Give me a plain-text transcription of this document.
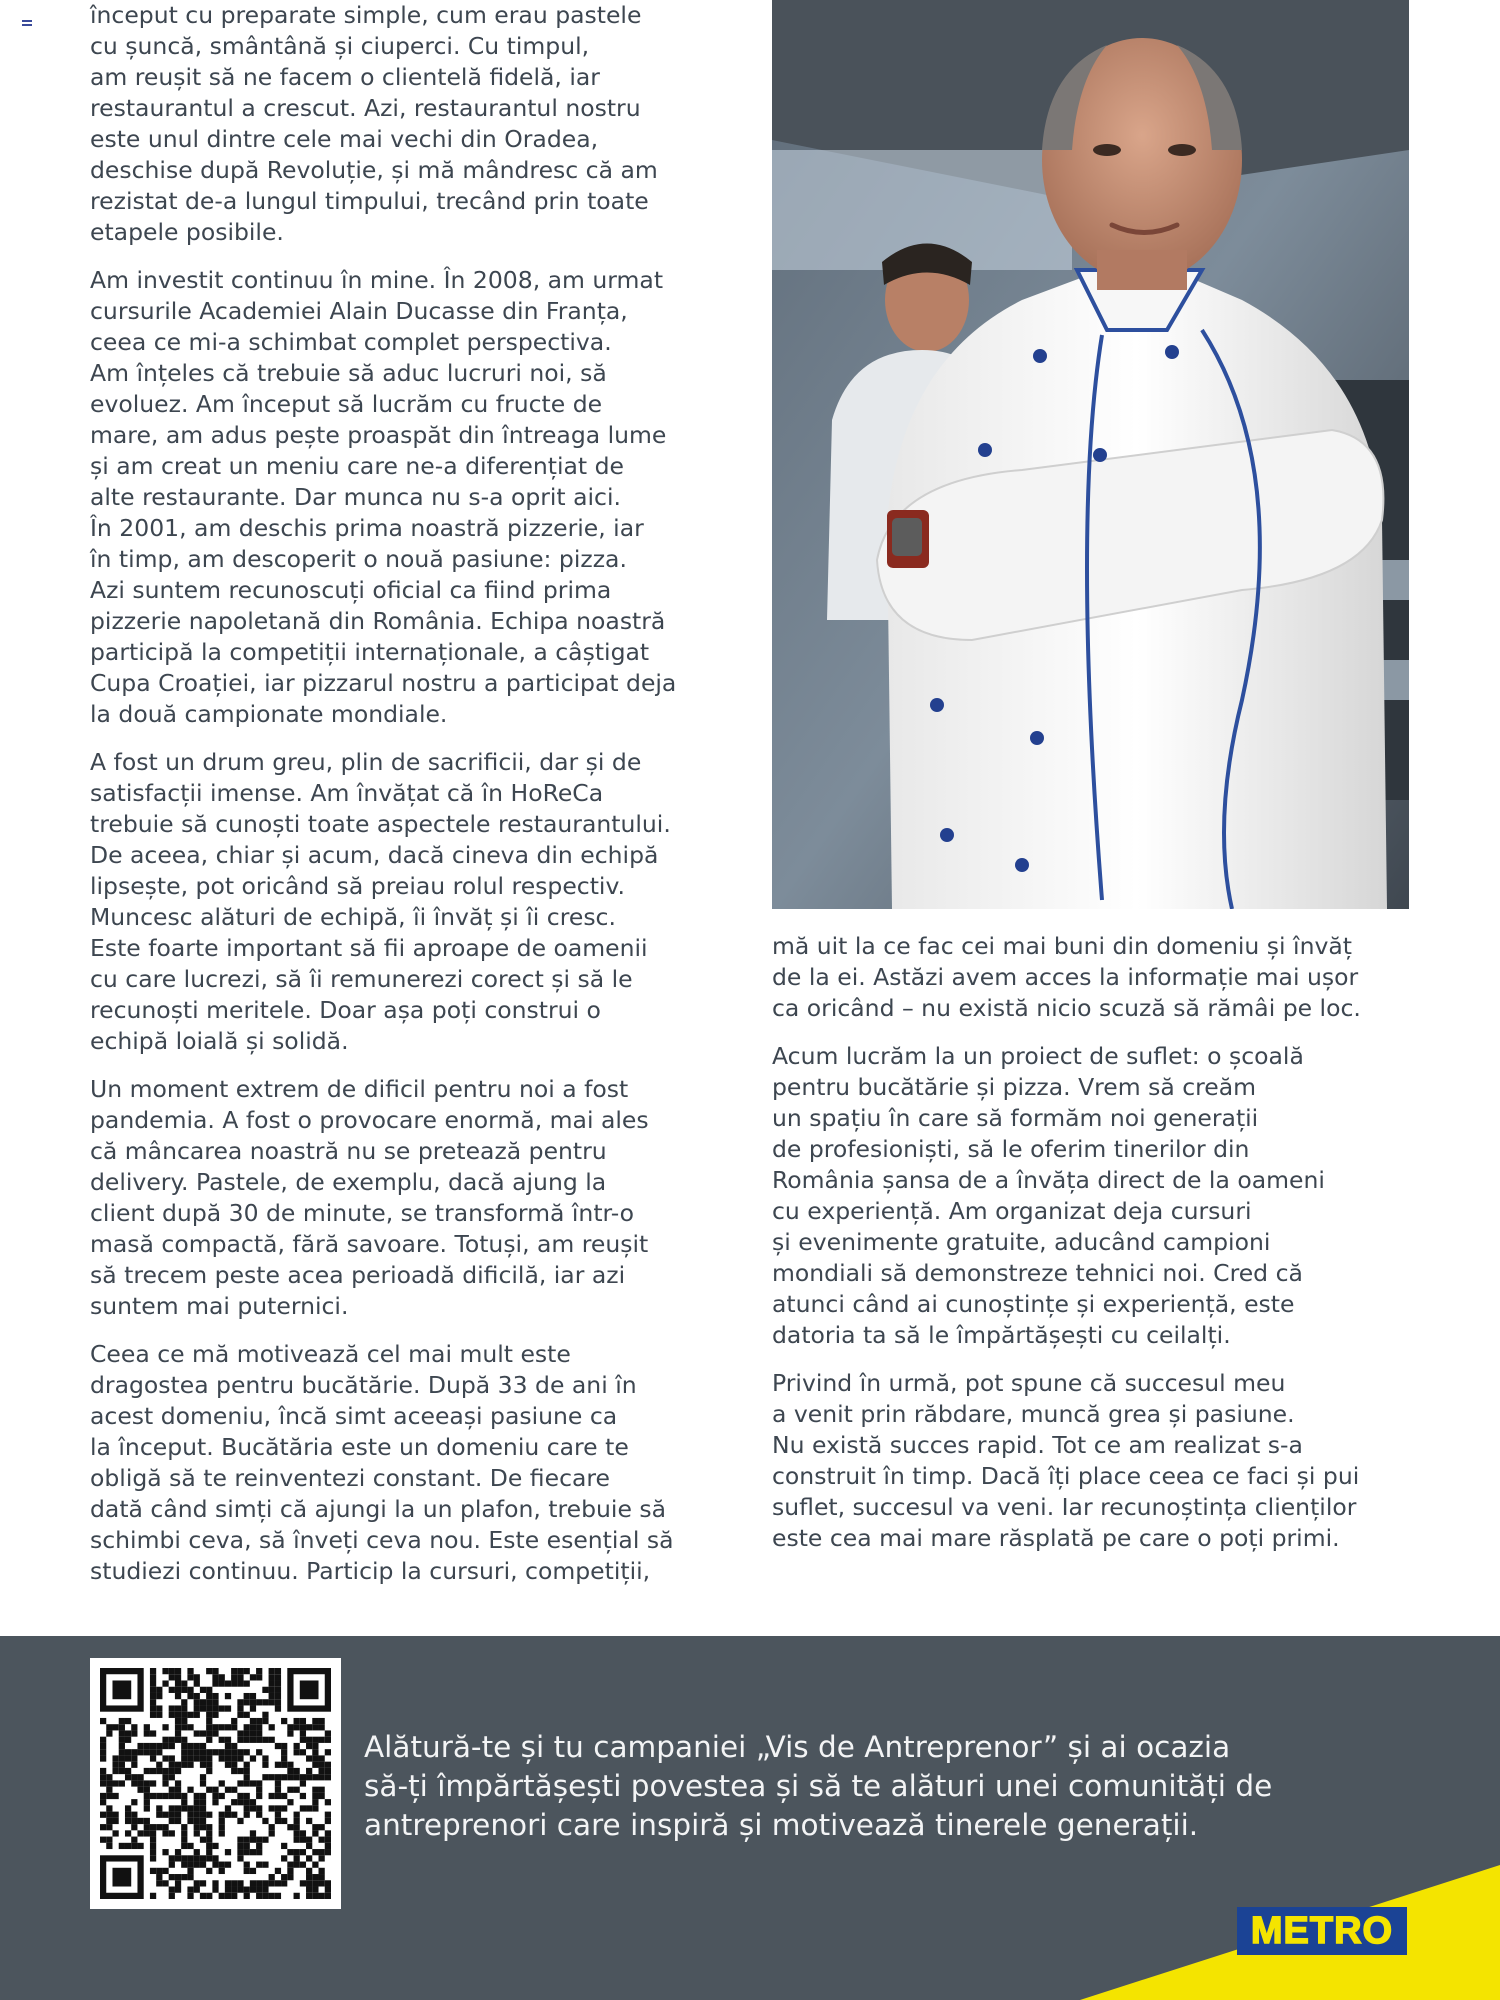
început cu preparate simple, cum erau pastele
cu șuncă, smântână și ciuperci. Cu timpul,
am reușit să ne facem o clientelă fidelă, iar
restaurantul a crescut. Azi, restaurantul nostru
este unul dintre cele mai vechi din Oradea,
deschise după Revoluție, și mă mândresc că am
rezistat de-a lungul timpului, trecând prin toate
etapele posibile.

Am investit continuu în mine. În 2008, am urmat
cursurile Academiei Alain Ducasse din Franța,
ceea ce mi-a schimbat complet perspectiva.
Am înțeles că trebuie să aduc lucruri noi, să
evoluez. Am început să lucrăm cu fructe de
mare, am adus pește proaspăt din întreaga lume
și am creat un meniu care ne-a diferențiat de
alte restaurante. Dar munca nu s-a oprit aici.
În 2001, am deschis prima noastră pizzerie, iar
în timp, am descoperit o nouă pasiune: pizza.
Azi suntem recunoscuți oficial ca fiind prima
pizzerie napoletană din România. Echipa noastră
participă la competiții internaționale, a câștigat
Cupa Croației, iar pizzarul nostru a participat deja
la două campionate mondiale.

A fost un drum greu, plin de sacrificii, dar și de
satisfacții imense. Am învățat că în HoReCa
trebuie să cunoști toate aspectele restaurantului.
De aceea, chiar și acum, dacă cineva din echipă
lipsește, pot oricând să preiau rolul respectiv.
Muncesc alături de echipă, îi învăț și îi cresc.
Este foarte important să fii aproape de oamenii
cu care lucrezi, să îi remunerezi corect și să le
recunoști meritele. Doar așa poți construi o
echipă loială și solidă.

Un moment extrem de dificil pentru noi a fost
pandemia. A fost o provocare enormă, mai ales
că mâncarea noastră nu se pretează pentru
delivery. Pastele, de exemplu, dacă ajung la
client după 30 de minute, se transformă într-o
masă compactă, fără savoare. Totuși, am reușit
să trecem peste acea perioadă dificilă, iar azi
suntem mai puternici.

Ceea ce mă motivează cel mai mult este
dragostea pentru bucătărie. După 33 de ani în
acest domeniu, încă simt aceeași pasiune ca
la început. Bucătăria este un domeniu care te
obligă să te reinventezi constant. De fiecare
dată când simți că ajungi la un plafon, trebuie să
schimbi ceva, să înveți ceva nou. Este esențial să
studiezi continuu. Particip la cursuri, competiții,

mă uit la ce fac cei mai buni din domeniu și învăț
de la ei. Astăzi avem acces la informație mai ușor
ca oricând – nu există nicio scuză să rămâi pe loc.

Acum lucrăm la un proiect de suflet: o școală
pentru bucătărie și pizza. Vrem să creăm
un spațiu în care să formăm noi generații
de profesioniști, să le oferim tinerilor din
România șansa de a învăța direct de la oameni
cu experiență. Am organizat deja cursuri
și evenimente gratuite, aducând campioni
mondiali să demonstreze tehnici noi. Cred că
atunci când ai cunoștințe și experiență, este
datoria ta să le împărtășești cu ceilalți.

Privind în urmă, pot spune că succesul meu
a venit prin răbdare, muncă grea și pasiune.
Nu există succes rapid. Tot ce am realizat s-a
construit în timp. Dacă îți place ceea ce faci și pui
suflet, succesul va veni. Iar recunoștința clienților
este cea mai mare răsplată pe care o poți primi.

Alătură-te și tu campaniei „Vis de Antreprenor” și ai ocazia
să-ți împărtășești povestea și să te alături unei comunități de
antreprenori care inspiră și motivează tinerele generații.
METRO
